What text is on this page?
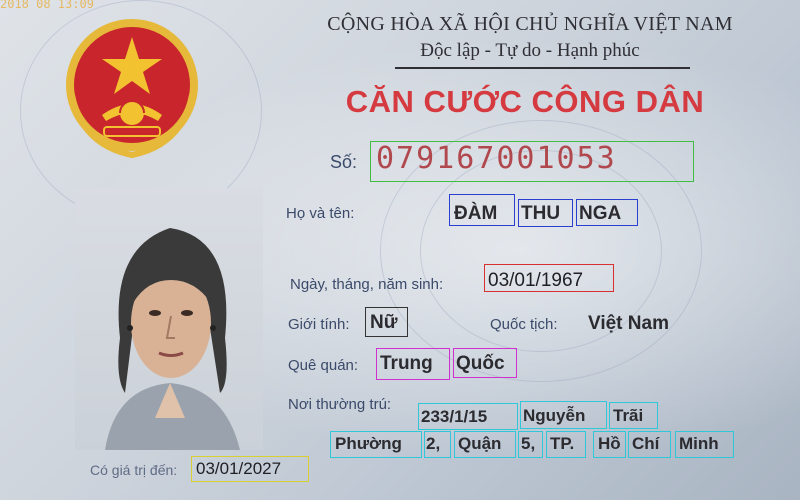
2018 08 13:09
CỘNG HÒA XÃ HỘI CHỦ NGHĨA VIỆT NAM
Độc lập - Tự do - Hạnh phúc
CĂN CƯỚC CÔNG DÂN
Số: 079167001053
Họ và tên:	ĐÀM THU NGA
Ngày, tháng, năm sinh: 03/01/1967
Giới tính: Nữ	Quốc tịch: Việt Nam
Quê quán: Trung Quốc
Nơi thường trú:
233/1/15 Nguyễn Trãi
Phường 2, Quận 5, TP. Hồ Chí Minh
Có giá trị đến: 03/01/2027
